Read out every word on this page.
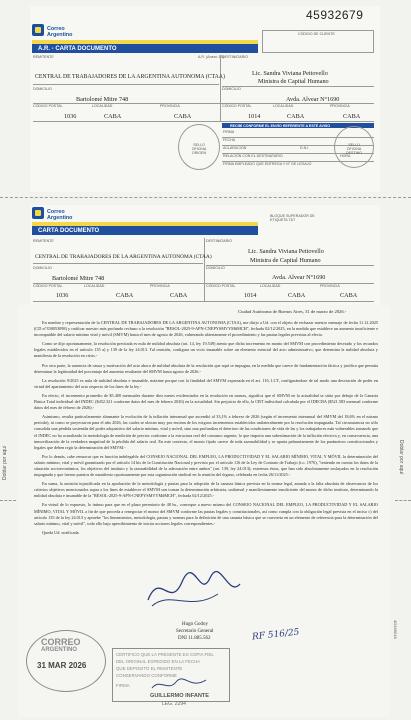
45932679
Correo Argentino
A.R. - CARTA DOCUMENTO
A.R. (Anexo 1B)
CÓDIGO DE CLIENTE
REMITENTE	DESTINATARIO
CENTRAL DE TRABAJADORES DE LA ARGENTINA AUTONOMA (CTAA)	Lic. Sandra Viviana Pettovello
Ministra de Capital Humano
DOMICILIO	DOMICILIO
Bartolomé Mitre 748	Avda. Alvear N°1690
CÓDIGO POSTAL	LOCALIDAD	PROVINCIA	CÓDIGO POSTAL	LOCALIDAD	PROVINCIA
1036	CABA	CABA	1014	CABA	CABA
RECIBÍ CONFORME EL ENVÍO REFERENTE A ESTE AVISO
FIRMA
FECHA
ACLARACIÓN	D.N.I.
RELACIÓN CON EL DESTINATARIO	HORA
FIRMA EMPLEADO QUE ENTREGA Y N° DE LEGAJO
SELLO OFICINA ORIGEN
SELLO OFICINA DESTINO
Correo Argentino
CARTA DOCUMENTO
BLOQUE SUPERADOR DE ETIQUETA T&T
REMITENTE	DESTINATARIO
CENTRAL DE TRABAJADORES DE LA ARGENTINA AUTONOMA (CTAA)
Lic. Sandra Viviana Pettovello
Ministra de Capital Humano
DOMICILIO	DOMICILIO
Bartolomé Mitre 748	Avda. Alvear N°1690
CÓDIGO POSTAL	LOCALIDAD	PROVINCIA	CÓDIGO POSTAL	LOCALIDAD	PROVINCIA
1036	CABA	CABA	1014	CABA	CABA
Doblar por aquí	Doblar por aquí
Ciudad Autónoma de Buenos Aires, 31 de marzo de 2026.-

En nombre y representación de la CENTRAL DE TRABAJADORES DE LA ARGENTINA AUTONOMA (CTAA), me dirijo a Ud. con el objeto de rechazar nuestro mensaje de fecha 11.12.2025 (CD n°358053098) y ratificar nuestro más profundo rechazo a la resolución "RESOL-2025-9-APN-CNEPYSMVYM#MCH", fechada 02/12/2025, en la medida que establece un aumento insuficiente e incompatible del salario mínimo vital y móvil (SMVM) hasta el mes de agosto de 2026, vulnerando abiertamente el procedimiento y las pautas legales previstas al efecto.

Como se dijo oportunamente, la resolución precitada es nula de nulidad absoluta (art. 14, ley 19.549) atento que dicho incremento en monto del SMVM con procedimiento desviado y los recaudos legales establecidos en el artículo 135 a) y 139 de la ley 24.013. Tal omisión, configura un vicio insanable sobre un elemento esencial del acto administrativo, que determina la nulidad absoluta y manifiesta de la resolución en crisis.-

Por otra parte, la ausencia de causa y motivación del acto ahora de nulidad absoluta de la resolución que aquí se impugna, en la medida que carece de fundamentación fáctica y jurídica que permita determinar la legitimidad del porcentaje del aumento resultante del SMVM hasta agosto de 2026.-

La resolución 9/2025 es nula de nulidad absoluta e insanable, máxime porque con la finalidad del SMVM expresada en el art. 116, LCT, configurándose de tal modo una desviación de poder en virtud del apartamiento del acto respecto de los fines de la ley.-

En efecto, el incremento promedio de $5.400 mensuales durante diez meses evidenciados en la resolución en marras, significa que el SMVM en la actualidad se sitúa por debajo de la Canasta Básica Total individual del INDEC ($452.321 conforme datos del mes de febrero 2026) en la actualidad. Sin perjuicio de ello, la CBT individual calculada por el IDECBA ($521.583 mensual conforme datos del mes de febrero de 2026).-

Asimismo, resulta particularmente alarmante la evolución de la inflación interanual que ascendió al 33,1% a febrero de 2026 (según el incremento interanual del SMVM del 18,6% en el mismo período), ni como se proyectaron para el año 2026, las cuales se ubican muy por encima de los exiguos incrementos establecidos unilateralmente por la resolución impugnada. Tal circunstancia no sólo consolida una pérdida sostenida del poder adquisitivo del salario mínimo, vital y móvil, sino una profundiza el deterioro de las condiciones de vida de las y los trabajadores más vulnerables tomando que el INDEC no ha actualizado la metodología de medición de precios conforme a la estructura real del consumo urgente, lo que importa una subestimación de la inflación efectiva y, en consecuencia, una inmovilización de la verdadera magnitud de la pérdida del salario real. En este contexto, el monto fijado carece de toda razonabilidad y se aparta palmariamente de los parámetros constitucionales y legales que deben regir la determinación del SMVM.-

Por lo demás, cabe remarcar que es función indelegable del CONSEJO NACIONAL DEL EMPLEO, LA PRODUCTIVIDAD Y EL SALARIO MÍNIMO, VITAL Y MÓVIL la determinación del salario mínimo, vital y móvil garantizado por el artículo 14 bis de la Constitución Nacional y previsto por el artículo 116 de la Ley de Contrato de Trabajo (t.o. 1976), "teniendo en cuenta los datos de la situación socioeconómica, los objetivos del instituto y la razonabilidad de la adecuación entre ambos" (art. 139, ley 24.013); extremos éstos, que han sido absolutamente soslayados en la resolución impugnada y que fueron puestos de manifiesto oportunamente por esta organización sindical en la reunión del órgano, celebrada en fecha 26/11/2025.-

En suma, la omisión injustificada en la aprobación de la metodología y pautas para la adopción de la canasta básica prevista en la norma legal, aunada a la falta absoluta de observancia de los criterios objetivos mencionados supra a los fines de establecer el SMVM son tornan la determinación arbitraria, unilateral y manifiestamente insuficiente del monto de dicho instituto, determinando la nulidad absoluta e insanable de la "RESOL-2025-9-APN-CNEPYSMVYM#MCH", fechada 02/12/2025.-

En virtud de lo expuesto, lo intimo para que en el plazo perentorio de 48 hs., convoque a nuevo mismo del CONSEJO NACIONAL DEL EMPLEO, LA PRODUCTIVIDAD Y EL SALARIO MÍNIMO, VITAL Y MÓVIL a fin de que proceda a renegociar el monto del SMVM conforme las pautas legales y constitucionales, así como cumpla con la obligación legal prevista en el inciso c) del artículo 135 de la ley 24.013 y apruebe "los lineamientos, metodología, pautas y normas para la definición de una canasta básica que se convierta en un elemento de referencia para la determinación del salario mínimo, vital y móvil", todo ello bajo apercibimiento de iniciar acciones legales correspondientes.-

Queda Ud. notificada.

Hugo Godoy
Secretario General
DNI 11.885.562	RF 516/25	4G199016
CORREO
ARGENTINO
31 MAR 2026
CERTIFICO QUE LA PRESENTE ES COPIA FIEL
DEL ORIGINAL EXPEDIDO EN LA FECHA
QUE DEPOSITO EL REMITENTE
CONSERVANDO CONFORME
FIRMA
GUILLERMO INFANTE
LEG. 2294
